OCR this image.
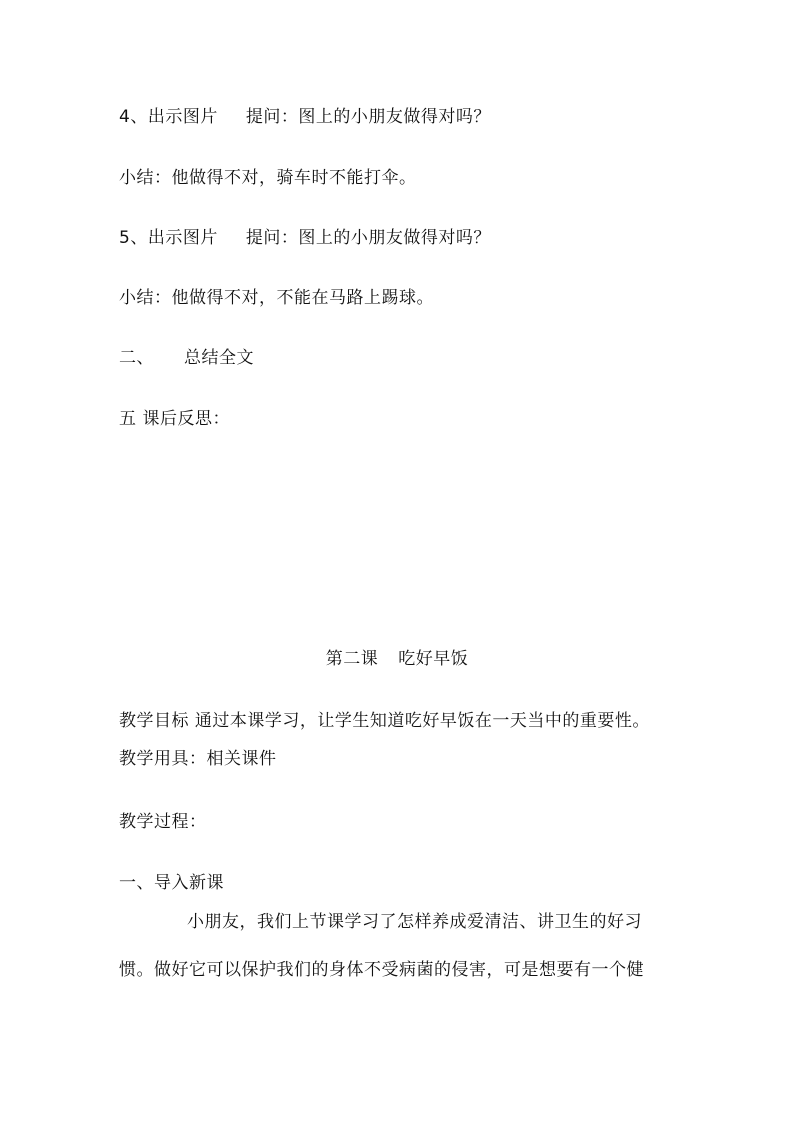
4、出示图片 提问：图上的小朋友做得对吗？
小结：他做得不对，骑车时不能打伞。
5、出示图片 提问：图上的小朋友做得对吗？
小结：他做得不对，不能在马路上踢球。
二、 总结全文
五 课后反思：
第二课 吃好早饭
教学目标 通过本课学习，让学生知道吃好早饭在一天当中的重要性。
教学用具：相关课件
教学过程：
一、导入新课
小朋友，我们上节课学习了怎样养成爱清洁、讲卫生的好习
惯。做好它可以保护我们的身体不受病菌的侵害，可是想要有一个健
